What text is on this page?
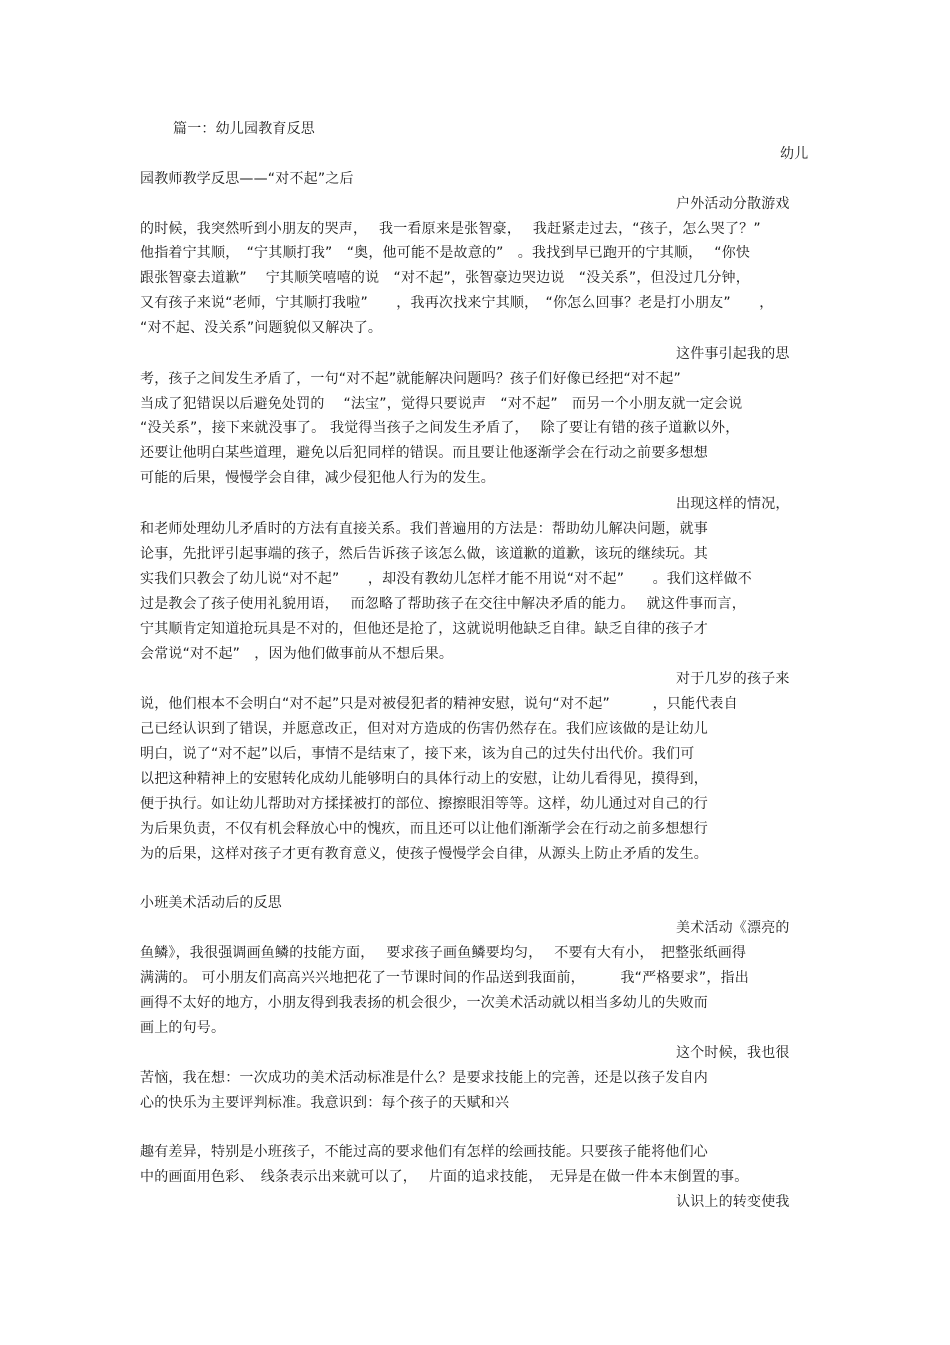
篇一：幼儿园教育反思
幼儿
园教师教学反思——“对不起”之后
户外活动分散游戏
的时候，我突然听到小朋友的哭声，　 我一看原来是张智豪，　 我赶紧走过去，“孩子，怎么哭了？”
他指着宁其顺，　“宁其顺打我”　“奥，他可能不是故意的”　。我找到早已跑开的宁其顺，　 “你快
跟张智豪去道歉”　 宁其顺笑嘻嘻的说　“对不起”，张智豪边哭边说　“没关系”，但没过几分钟，
又有孩子来说“老师，宁其顺打我啦”　　，我再次找来宁其顺，　“你怎么回事？老是打小朋友”　　，
“对不起、没关系”问题貌似又解决了。
这件事引起我的思
考，孩子之间发生矛盾了，一句“对不起”就能解决问题吗？孩子们好像已经把“对不起”
当成了犯错误以后避免处罚的　 “法宝”，觉得只要说声　“对不起”　而另一个小朋友就一定会说
“没关系”，接下来就没事了。 我觉得当孩子之间发生矛盾了，　 除了要让有错的孩子道歉以外，
还要让他明白某些道理，避免以后犯同样的错误。而且要让他逐渐学会在行动之前要多想想
可能的后果，慢慢学会自律，减少侵犯他人行为的发生。
出现这样的情况，
和老师处理幼儿矛盾时的方法有直接关系。我们普遍用的方法是：帮助幼儿解决问题，就事
论事，先批评引起事端的孩子，然后告诉孩子该怎么做，该道歉的道歉，该玩的继续玩。其
实我们只教会了幼儿说“对不起”　　，却没有教幼儿怎样才能不用说“对不起”　　。我们这样做不
过是教会了孩子使用礼貌用语，　 而忽略了帮助孩子在交往中解决矛盾的能力。　 就这件事而言，
宁其顺肯定知道抢玩具是不对的，但他还是抢了，这就说明他缺乏自律。缺乏自律的孩子才
会常说“对不起”　，因为他们做事前从不想后果。
对于几岁的孩子来
说，他们根本不会明白“对不起”只是对被侵犯者的精神安慰，说句“对不起”　　　，只能代表自
己已经认识到了错误，并愿意改正，但对对方造成的伤害仍然存在。我们应该做的是让幼儿
明白，说了“对不起”以后，事情不是结束了，接下来，该为自己的过失付出代价。我们可
以把这种精神上的安慰转化成幼儿能够明白的具体行动上的安慰，让幼儿看得见，摸得到，
便于执行。如让幼儿帮助对方揉揉被打的部位、擦擦眼泪等等。这样，幼儿通过对自己的行
为后果负责，不仅有机会释放心中的愧疚，而且还可以让他们渐渐学会在行动之前多想想行
为的后果，这样对孩子才更有教育意义，使孩子慢慢学会自律，从源头上防止矛盾的发生。
小班美术活动后的反思
美术活动《漂亮的
鱼鳞》，我很强调画鱼鳞的技能方面，　 要求孩子画鱼鳞要均匀，　 不要有大有小，　把整张纸画得
满满的。 可小朋友们高高兴兴地把花了一节课时间的作品送到我面前，　　　我“严格要求”，指出
画得不太好的地方，小朋友得到我表扬的机会很少，一次美术活动就以相当多幼儿的失败而
画上的句号。
这个时候，我也很
苦恼，我在想：一次成功的美术活动标准是什么？是要求技能上的完善，还是以孩子发自内
心的快乐为主要评判标准。我意识到：每个孩子的天赋和兴
趣有差异，特别是小班孩子，不能过高的要求他们有怎样的绘画技能。只要孩子能将他们心
中的画面用色彩、　线条表示出来就可以了，　 片面的追求技能，　无异是在做一件本末倒置的事。
认识上的转变使我
